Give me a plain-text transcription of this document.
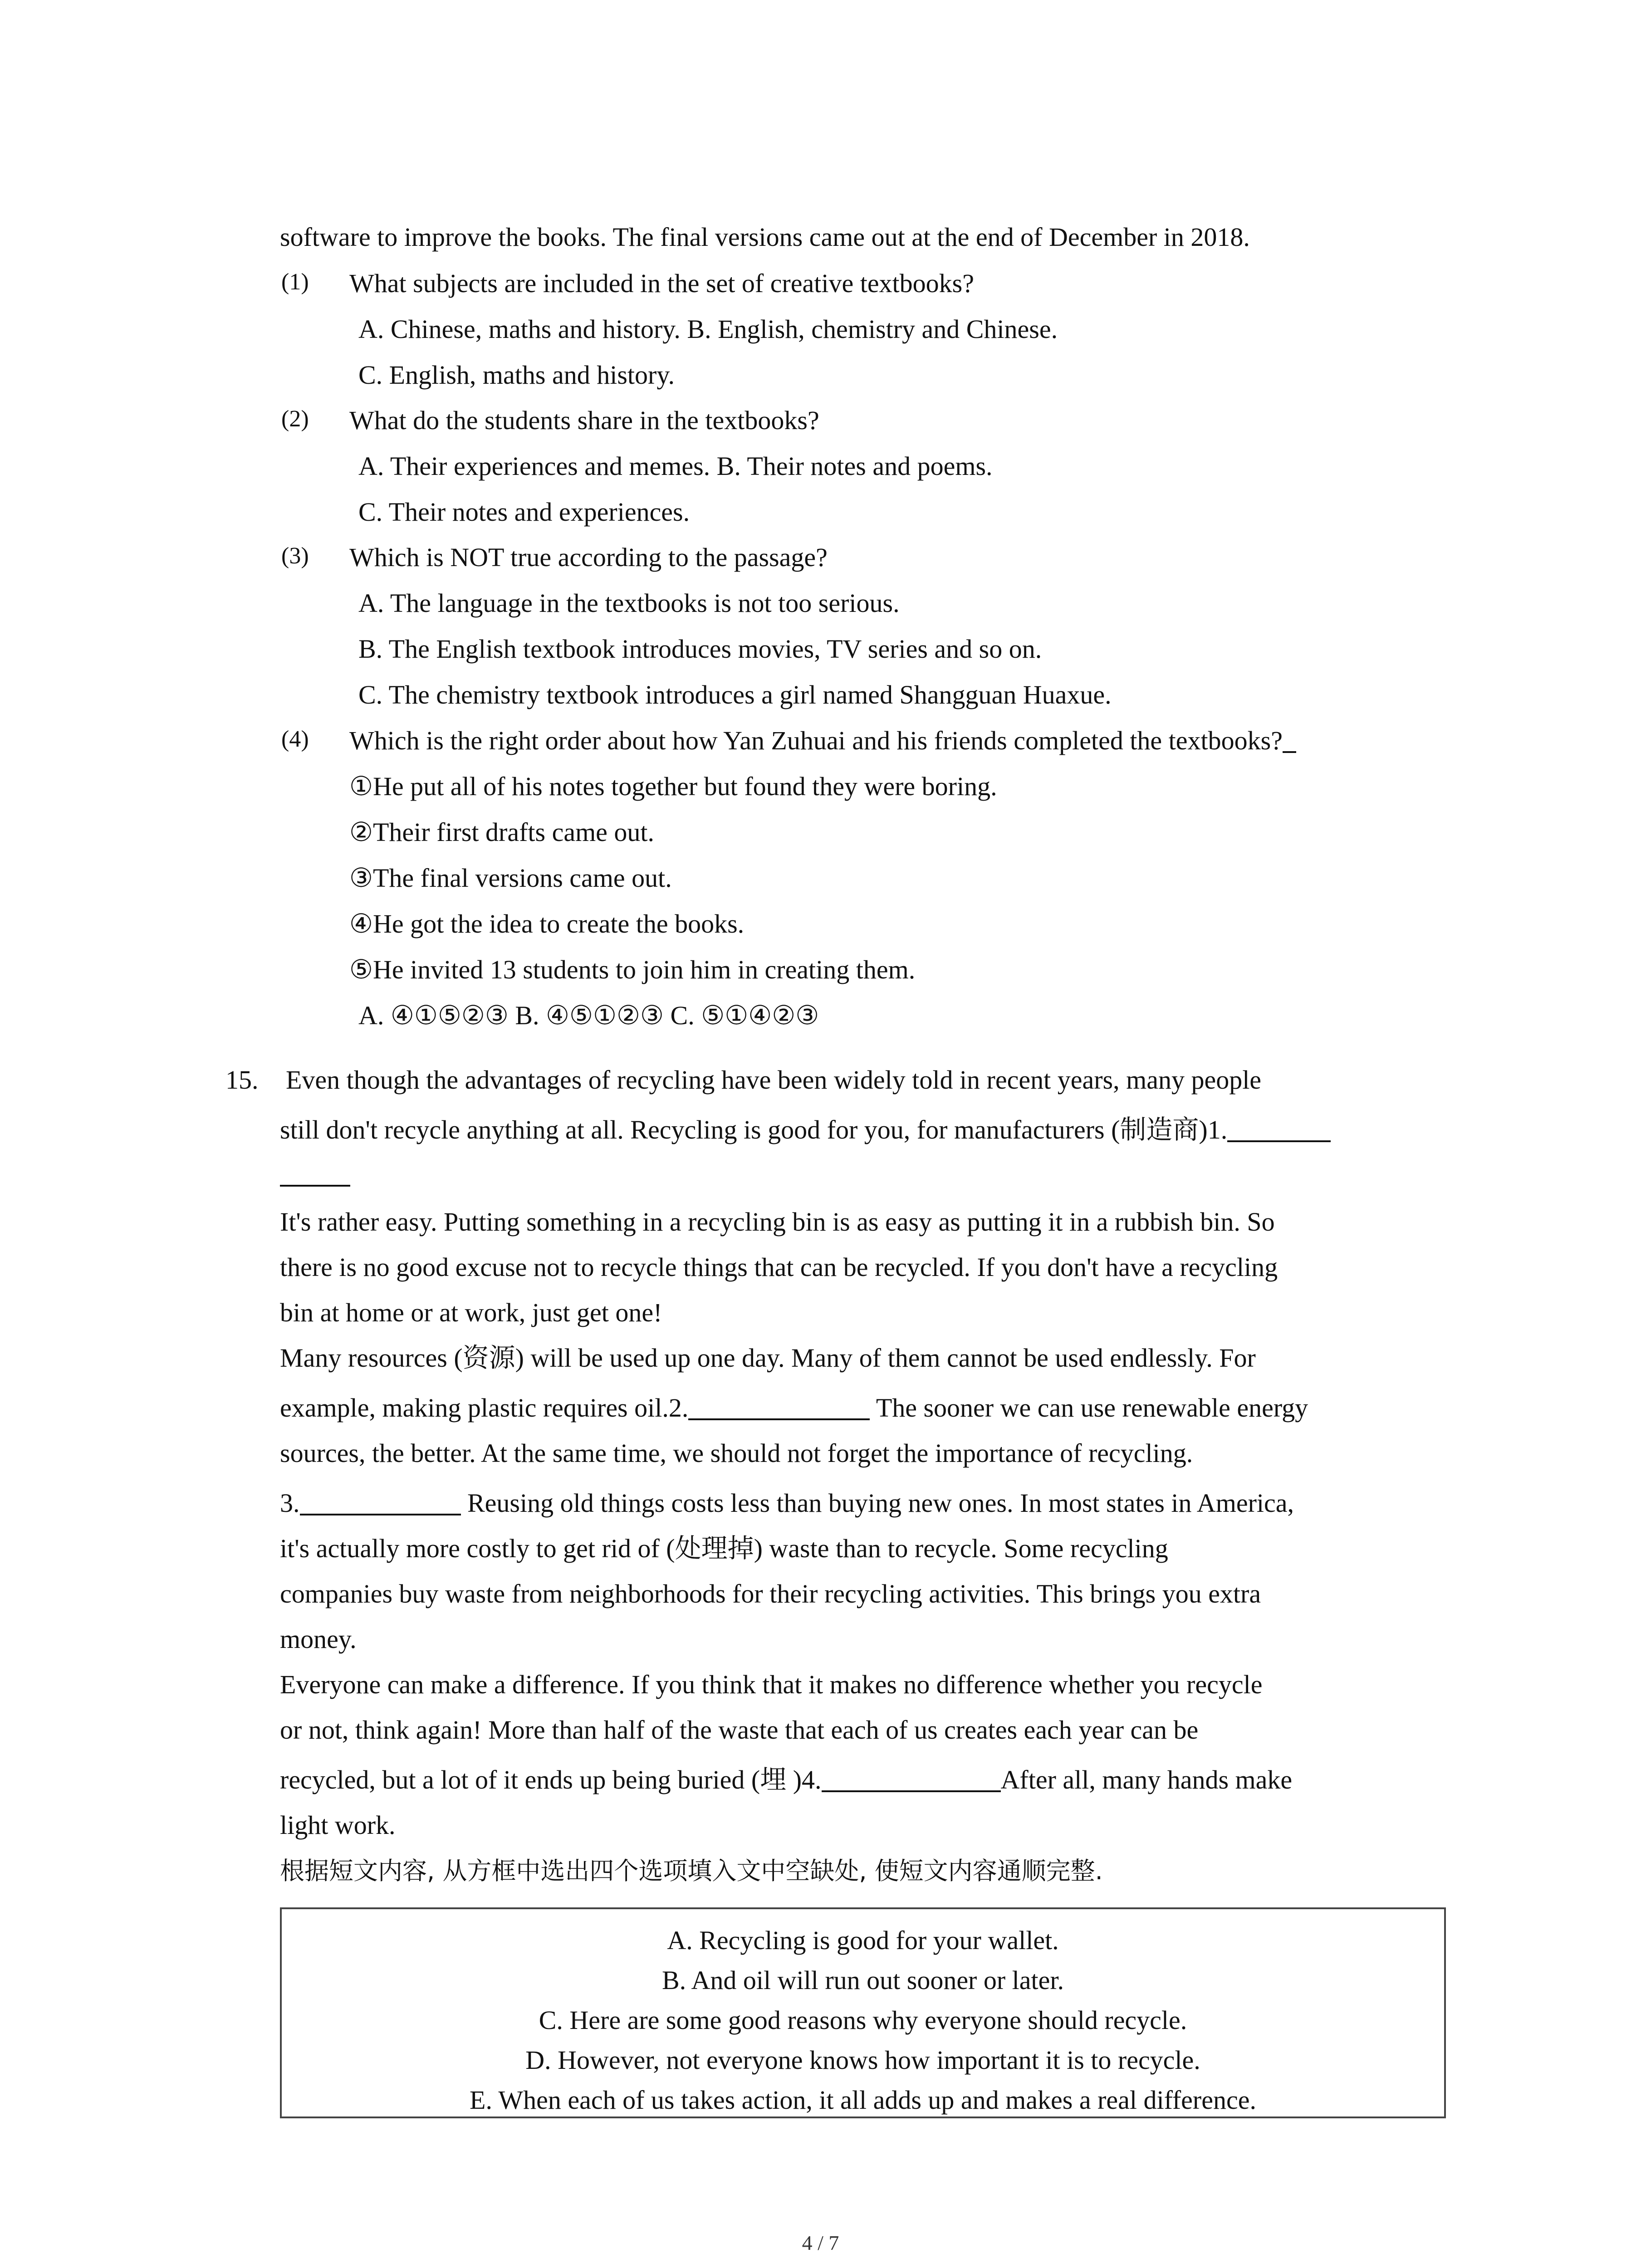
software to improve the books. The final versions came out at the end of December in 2018.
(1) What subjects are included in the set of creative textbooks?
A. Chinese, maths and history. B. English, chemistry and Chinese.
C. English, maths and history.
(2) What do the students share in the textbooks?
A. Their experiences and memes. B. Their notes and poems.
C. Their notes and experiences.
(3) Which is NOT true according to the passage?
A. The language in the textbooks is not too serious.
B. The English textbook introduces movies, TV series and so on.
C. The chemistry textbook introduces a girl named Shangguan Huaxue.
(4) Which is the right order about how Yan Zuhuai and his friends completed the textbooks?
①He put all of his notes together but found they were boring.
②Their first drafts came out.
③The final versions came out.
④He got the idea to create the books.
⑤He invited 13 students to join him in creating them.
A. ④①⑤②③ B. ④⑤①②③ C. ⑤①④②③
15. Even though the advantages of recycling have been widely told in recent years, many people
still don't recycle anything at all. Recycling is good for you, for manufacturers (制造商)1.
It's rather easy. Putting something in a recycling bin is as easy as putting it in a rubbish bin. So
there is no good excuse not to recycle things that can be recycled. If you don't have a recycling
bin at home or at work, just get one!
Many resources (资源) will be used up one day. Many of them cannot be used endlessly. For
example, making plastic requires oil.2.	The sooner we can use renewable energy
sources, the better. At the same time, we should not forget the importance of recycling.
3.	Reusing old things costs less than buying new ones. In most states in America,
it's actually more costly to get rid of (处理掉) waste than to recycle. Some recycling
companies buy waste from neighborhoods for their recycling activities. This brings you extra
money.
Everyone can make a difference. If you think that it makes no difference whether you recycle
or not, think again! More than half of the waste that each of us creates each year can be
recycled, but a lot of it ends up being buried (埋 )4.	After all, many hands make
light work.
根据短文内容, 从方框中选出四个选项填入文中空缺处, 使短文内容通顺完整.
A. Recycling is good for your wallet.
B. And oil will run out sooner or later.
C. Here are some good reasons why everyone should recycle.
D. However, not everyone knows how important it is to recycle.
E. When each of us takes action, it all adds up and makes a real difference.
4 / 7
